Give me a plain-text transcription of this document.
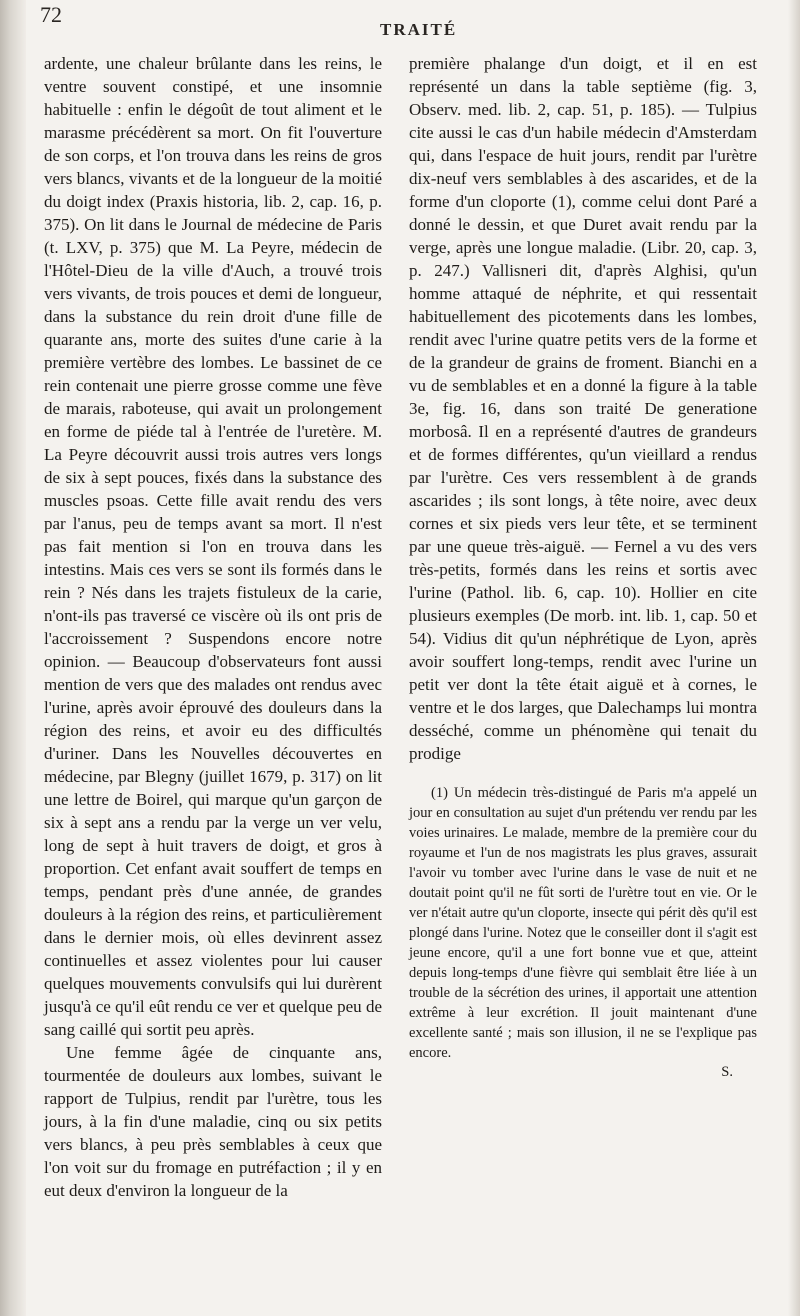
72
TRAITÉ

ardente, une chaleur brûlante dans les reins, le ventre souvent constipé, et une insomnie habituelle : enfin le dégoût de tout aliment et le marasme précédèrent sa mort. On fit l'ouverture de son corps, et l'on trouva dans les reins de gros vers blancs, vivants et de la longueur de la moitié du doigt index (Praxis historia, lib. 2, cap. 16, p. 375). On lit dans le Journal de médecine de Paris (t. LXV, p. 375) que M. La Peyre, médecin de l'Hôtel-Dieu de la ville d'Auch, a trouvé trois vers vivants, de trois pouces et demi de longueur, dans la substance du rein droit d'une fille de quarante ans, morte des suites d'une carie à la première vertèbre des lombes. Le bassinet de ce rein contenait une pierre grosse comme une fève de marais, raboteuse, qui avait un prolongement en forme de piéde tal à l'entrée de l'uretère. M. La Peyre découvrit aussi trois autres vers longs de six à sept pouces, fixés dans la substance des muscles psoas. Cette fille avait rendu des vers par l'anus, peu de temps avant sa mort. Il n'est pas fait mention si l'on en trouva dans les intestins. Mais ces vers se sont ils formés dans le rein ? Nés dans les trajets fistuleux de la carie, n'ont-ils pas traversé ce viscère où ils ont pris de l'accroissement ? Suspendons encore notre opinion. — Beaucoup d'observateurs font aussi mention de vers que des malades ont rendus avec l'urine, après avoir éprouvé des douleurs dans la région des reins, et avoir eu des difficultés d'uriner. Dans les Nouvelles découvertes en médecine, par Blegny (juillet 1679, p. 317) on lit une lettre de Boirel, qui marque qu'un garçon de six à sept ans a rendu par la verge un ver velu, long de sept à huit travers de doigt, et gros à proportion. Cet enfant avait souffert de temps en temps, pendant près d'une année, de grandes douleurs à la région des reins, et particulièrement dans le dernier mois, où elles devinrent assez continuelles et assez violentes pour lui causer quelques mouvements convulsifs qui lui durèrent jusqu'à ce qu'il eût rendu ce ver et quelque peu de sang caillé qui sortit peu après.

Une femme âgée de cinquante ans, tourmentée de douleurs aux lombes, suivant le rapport de Tulpius, rendit par l'urètre, tous les jours, à la fin d'une maladie, cinq ou six petits vers blancs, à peu près semblables à ceux que l'on voit sur du fromage en putréfaction ; il y en eut deux d'environ la longueur de la

première phalange d'un doigt, et il en est représenté un dans la table septième (fig. 3, Observ. med. lib. 2, cap. 51, p. 185). — Tulpius cite aussi le cas d'un habile médecin d'Amsterdam qui, dans l'espace de huit jours, rendit par l'urètre dix-neuf vers semblables à des ascarides, et de la forme d'un cloporte (1), comme celui dont Paré a donné le dessin, et que Duret avait rendu par la verge, après une longue maladie. (Libr. 20, cap. 3, p. 247.) Vallisneri dit, d'après Alghisi, qu'un homme attaqué de néphrite, et qui ressentait habituellement des picotements dans les lombes, rendit avec l'urine quatre petits vers de la forme et de la grandeur de grains de froment. Bianchi en a vu de semblables et en a donné la figure à la table 3e, fig. 16, dans son traité De generatione morbosâ. Il en a représenté d'autres de grandeurs et de formes différentes, qu'un vieillard a rendus par l'urètre. Ces vers ressemblent à de grands ascarides ; ils sont longs, à tête noire, avec deux cornes et six pieds vers leur tête, et se terminent par une queue très-aiguë. — Fernel a vu des vers très-petits, formés dans les reins et sortis avec l'urine (Pathol. lib. 6, cap. 10). Hollier en cite plusieurs exemples (De morb. int. lib. 1, cap. 50 et 54). Vidius dit qu'un néphrétique de Lyon, après avoir souffert long-temps, rendit avec l'urine un petit ver dont la tête était aiguë et à cornes, le ventre et le dos larges, que Dalechamps lui montra desséché, comme un phénomène qui tenait du prodige

(1) Un médecin très-distingué de Paris m'a appelé un jour en consultation au sujet d'un prétendu ver rendu par les voies urinaires. Le malade, membre de la première cour du royaume et l'un de nos magistrats les plus graves, assurait l'avoir vu tomber avec l'urine dans le vase de nuit et ne doutait point qu'il ne fût sorti de l'urètre tout en vie. Or le ver n'était autre qu'un cloporte, insecte qui périt dès qu'il est plongé dans l'urine. Notez que le conseiller dont il s'agit est jeune encore, qu'il a une fort bonne vue et que, atteint depuis long-temps d'une fièvre qui semblait être liée à un trouble de la sécrétion des urines, il apportait une attention extrême à leur excrétion. Il jouit maintenant d'une excellente santé ; mais son illusion, il ne se l'explique pas encore.

S.
